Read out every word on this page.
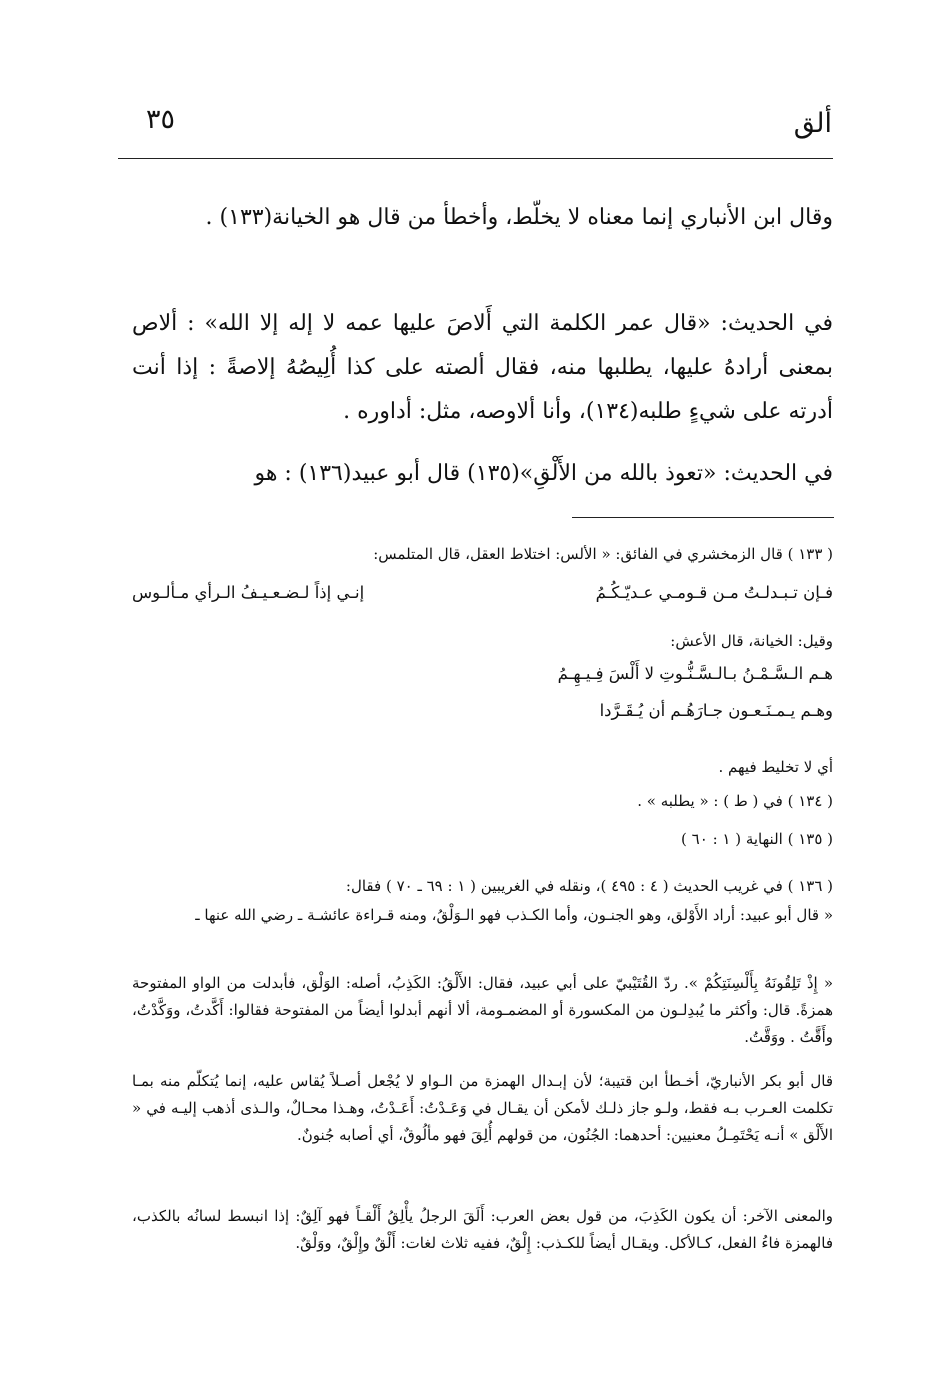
ألق
٣٥

وقال ابن الأنباري إنما معناه لا يخلّط، وأخطأ من قال هو الخيانة(١٣٣) .

في الحديث: «قال عمر الكلمة التي أَلاصَ عليها عمه لا إله إلا الله» : ألاص بمعنى أرادهُ عليها، يطلبها منه، فقال ألصته على كذا أُلِيصُهُ إلاصةً : إذا أنت أدرته على شيءٍ طلبه(١٣٤)، وأنا ألاوصه، مثل: أداوره .

في الحديث: «تعوذ بالله من الأَلْقِ»(١٣٥) قال أبو عبيد(١٣٦) : هو

( ١٣٣ ) قال الزمخشري في الفائق: « الألس: اختلاط العقل، قال المتلمس:

فـإن تـبـدلـتُ مـن قـومـي عـديّـكُـمُ
إنـي إذاً لـضـعـيـفُ الـرأي مـألـوس

وقيل: الخيانة، قال الأعش:

هـم الـسَّـمْـنُ بـالـسَّـنُّـوتِ لا أَلْسَ فِـيـهِـمُ
وهـم يـمـنَـعـون جـارَهُـم أن يُـقَـرَّدا

أي لا تخليط فيهم .

( ١٣٤ ) في ( ط ) : « يطلبه » .

( ١٣٥ ) النهاية ( ١ : ٦٠ )

( ١٣٦ ) في غريب الحديث ( ٤ : ٤٩٥ )، ونقله في الغريبين ( ١ : ٦٩ ـ ٧٠ ) فقال:

« قال أبو عبيد: أراد الأَوْلق، وهو الجنـون، وأما الكـذب فهو الـوَلْقُ، ومنه قـراءة عائشـة ـ رضي الله عنها ـ

« إِذْ تَلِقُونَهُ بِأَلْسِنَتِكُمْ ». ردّ القُتَيْبيّ على أبي عبيد، فقال: الأَلْقُ: الكَذِبُ، أصله: الوَلْق، فأبدلت من الواو المفتوحة همزةً. قال: وأكثر ما يُبدِلـون من المكسورة أو المضمـومة، ألا أنهم أبدلوا أيضاً من المفتوحة فقالوا: أَكَّدتُ، ووَكَّدْتُ، وأَقَّتُ . ووَقَّتُ.

قال أبو بكر الأنباريّ، أخـطأ ابن قتيبة؛ لأن إبـدال الهمزة من الـواو لا يُجْعل أصـلاً يُقاس عليه، إنما يُتكلّم منه بمـا تكلمت العـرب بـه فقط، ولـو جاز ذلـك لأمكن أن يقـال في وَعَـدْتُ: أَعَـدْتُ، وهـذا محـالٌ، والـذى أذهب إليـه في « الأَلْق » أنـه يَحْتَمِـلُ معنيين: أحدهما: الجُنُون، من قولهم أُلِقَ فهو مألُوقٌ، أي أصابه جُنونٌ.

والمعنى الآخر: أن يكون الكَذِبَ، من قول بعض العرب: أَلَقَ الرجلُ يأْلِقُ أَلْقـاً فهو آلِقٌ: إذا انبسط لسانُه بالكذب، فالهمزة فاءُ الفعل، كـالأكل. ويقـال أيضاً للكـذب: إِلْقٌ، ففيه ثلاث لغات: أَلْقٌ وإِلْقٌ، ووَلْقٌ.
